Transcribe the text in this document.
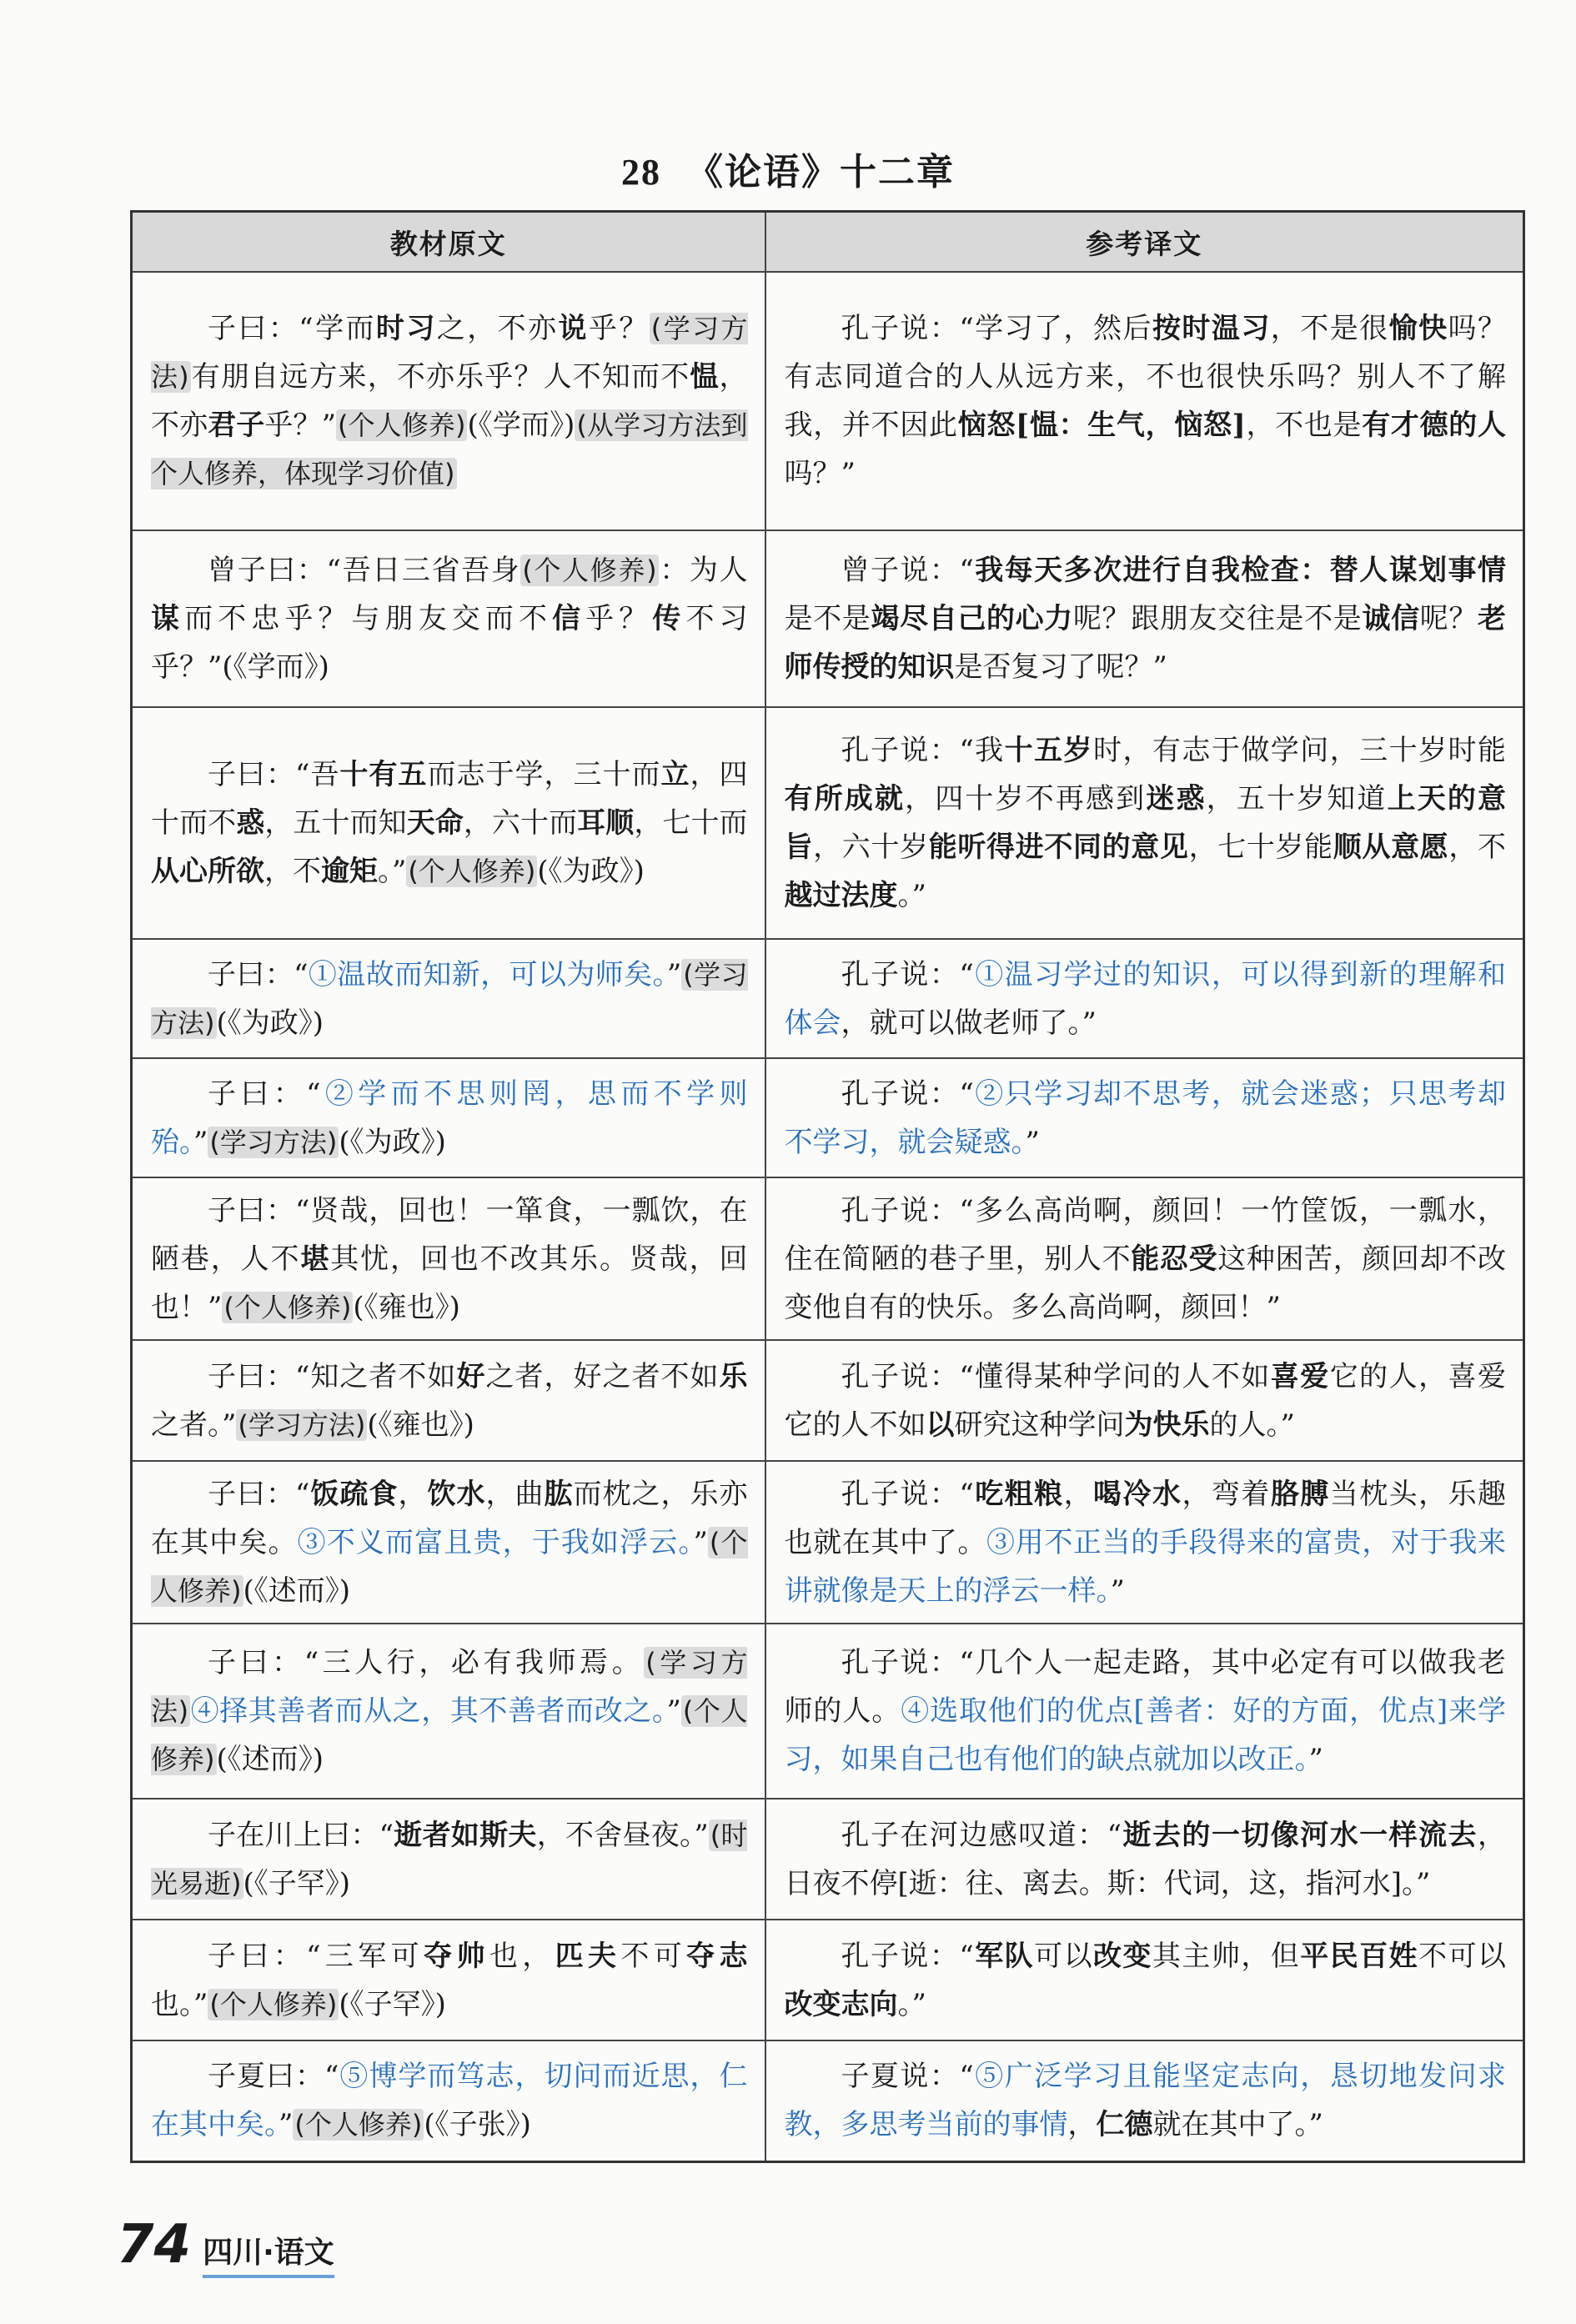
28 《论语》十二章
教材原文	参考译文

子曰：“学而时习之，不亦说乎？(学习方法)有朋自远方来，不亦乐乎？人不知而不愠，不亦君子乎？”(个人修养)(《学而》)(从学习方法到个人修养，体现学习价值)	孔子说：“学习了，然后按时温习，不是很愉快吗？有志同道合的人从远方来，不也很快乐吗？别人不了解我，并不因此恼怒[愠：生气，恼怒]，不也是有才德的人吗？”

曾子曰：“吾日三省吾身(个人修养)：为人谋而不忠乎？与朋友交而不信乎？传不习乎？”(《学而》)	曾子说：“我每天多次进行自我检查：替人谋划事情是不是竭尽自己的心力呢？跟朋友交往是不是诚信呢？老师传授的知识是否复习了呢？”

子曰：“吾十有五而志于学，三十而立，四十而不惑，五十而知天命，六十而耳顺，七十而从心所欲，不逾矩。”(个人修养)(《为政》)	孔子说：“我十五岁时，有志于做学问，三十岁时能有所成就，四十岁不再感到迷惑，五十岁知道上天的意旨，六十岁能听得进不同的意见，七十岁能顺从意愿，不越过法度。”

子曰：“①温故而知新，可以为师矣。”(学习方法)(《为政》)	孔子说：“①温习学过的知识，可以得到新的理解和体会，就可以做老师了。”

子曰：“②学而不思则罔，思而不学则殆。”(学习方法)(《为政》)	孔子说：“②只学习却不思考，就会迷惑；只思考却不学习，就会疑惑。”

子曰：“贤哉，回也！一箪食，一瓢饮，在陋巷，人不堪其忧，回也不改其乐。贤哉，回也！”(个人修养)(《雍也》)	孔子说：“多么高尚啊，颜回！一竹筐饭，一瓢水，住在简陋的巷子里，别人不能忍受这种困苦，颜回却不改变他自有的快乐。多么高尚啊，颜回！”

子曰：“知之者不如好之者，好之者不如乐之者。”(学习方法)(《雍也》)	孔子说：“懂得某种学问的人不如喜爱它的人，喜爱它的人不如以研究这种学问为快乐的人。”

子曰：“饭疏食，饮水，曲肱而枕之，乐亦在其中矣。③不义而富且贵，于我如浮云。”(个人修养)(《述而》)	孔子说：“吃粗粮，喝冷水，弯着胳膊当枕头，乐趣也就在其中了。③用不正当的手段得来的富贵，对于我来讲就像是天上的浮云一样。”

子曰：“三人行，必有我师焉。(学习方法)④择其善者而从之，其不善者而改之。”(个人修养)(《述而》)	孔子说：“几个人一起走路，其中必定有可以做我老师的人。④选取他们的优点[善者：好的方面，优点]来学习，如果自己也有他们的缺点就加以改正。”

子在川上曰：“逝者如斯夫，不舍昼夜。”(时光易逝)(《子罕》)	孔子在河边感叹道：“逝去的一切像河水一样流去，日夜不停[逝：往、离去。斯：代词，这，指河水]。”

子曰：“三军可夺帅也，匹夫不可夺志也。”(个人修养)(《子罕》)	孔子说：“军队可以改变其主帅，但平民百姓不可以改变志向。”

子夏曰：“⑤博学而笃志，切问而近思，仁在其中矣。”(个人修养)(《子张》)	子夏说：“⑤广泛学习且能坚定志向，恳切地发问求教，多思考当前的事情，仁德就在其中了。”

74 四川·语文
